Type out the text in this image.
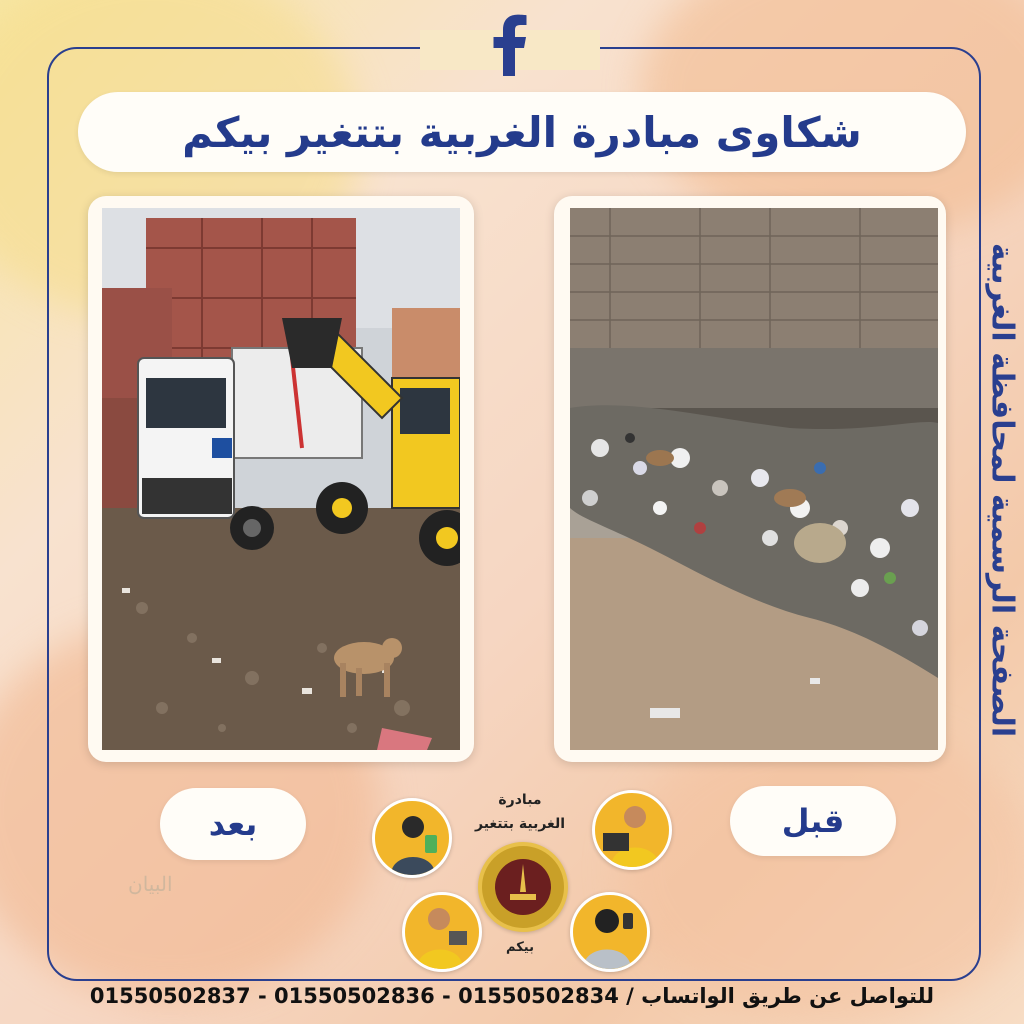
شكاوى مبادرة الغربية بتتغير بيكم
الصفحة الرسمية لمحافظة الغربية
بعد	قبل
مبادرة
الغربية بتتغير
بيكم
البيان
للتواصل عن طريق الواتساب / 01550502834 - 01550502836 - 01550502837
